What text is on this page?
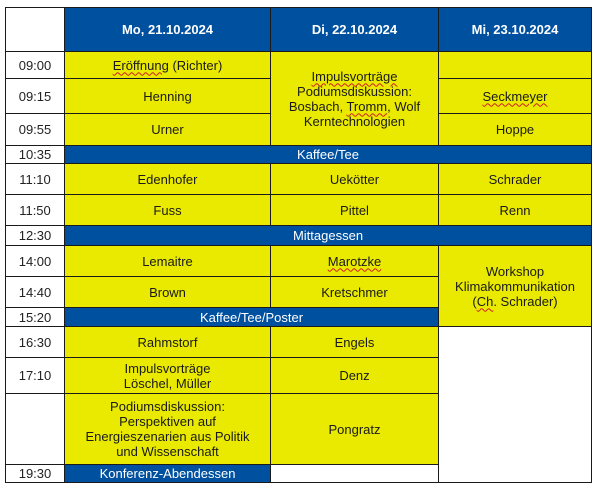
	Mo, 21.10.2024	Di, 22.10.2024	Mi, 23.10.2024
09:00	Eröffnung (Richter)	Impulsvorträge
Podiumsdiskussion:
Bosbach, Tromm, Wolf
Kerntechnologien	

09:15	Henning		Seckmeyer
09:55	Urner		Hoppe
10:35	Kaffee/Tee		
11:10	Edenhofer	Uekötter	Schrader
11:50	Fuss	Pittel	Renn
12:30	Mittagessen		
14:00	Lemaitre	Marotzke	Workshop
Klimakommunikation
(Ch. Schrader)

14:40	Brown	Kretschmer	
15:20	Kaffee/Tee/Poster		
16:30	Rahmstorf	Engels	
17:10	Impulsvorträge
Löschel, Müller	Denz	

	Podiumsdiskussion:
Perspektiven auf
Energieszenarien aus Politik
und Wissenschaft	Pongratz	
19:30	Konferenz-Abendessen		
